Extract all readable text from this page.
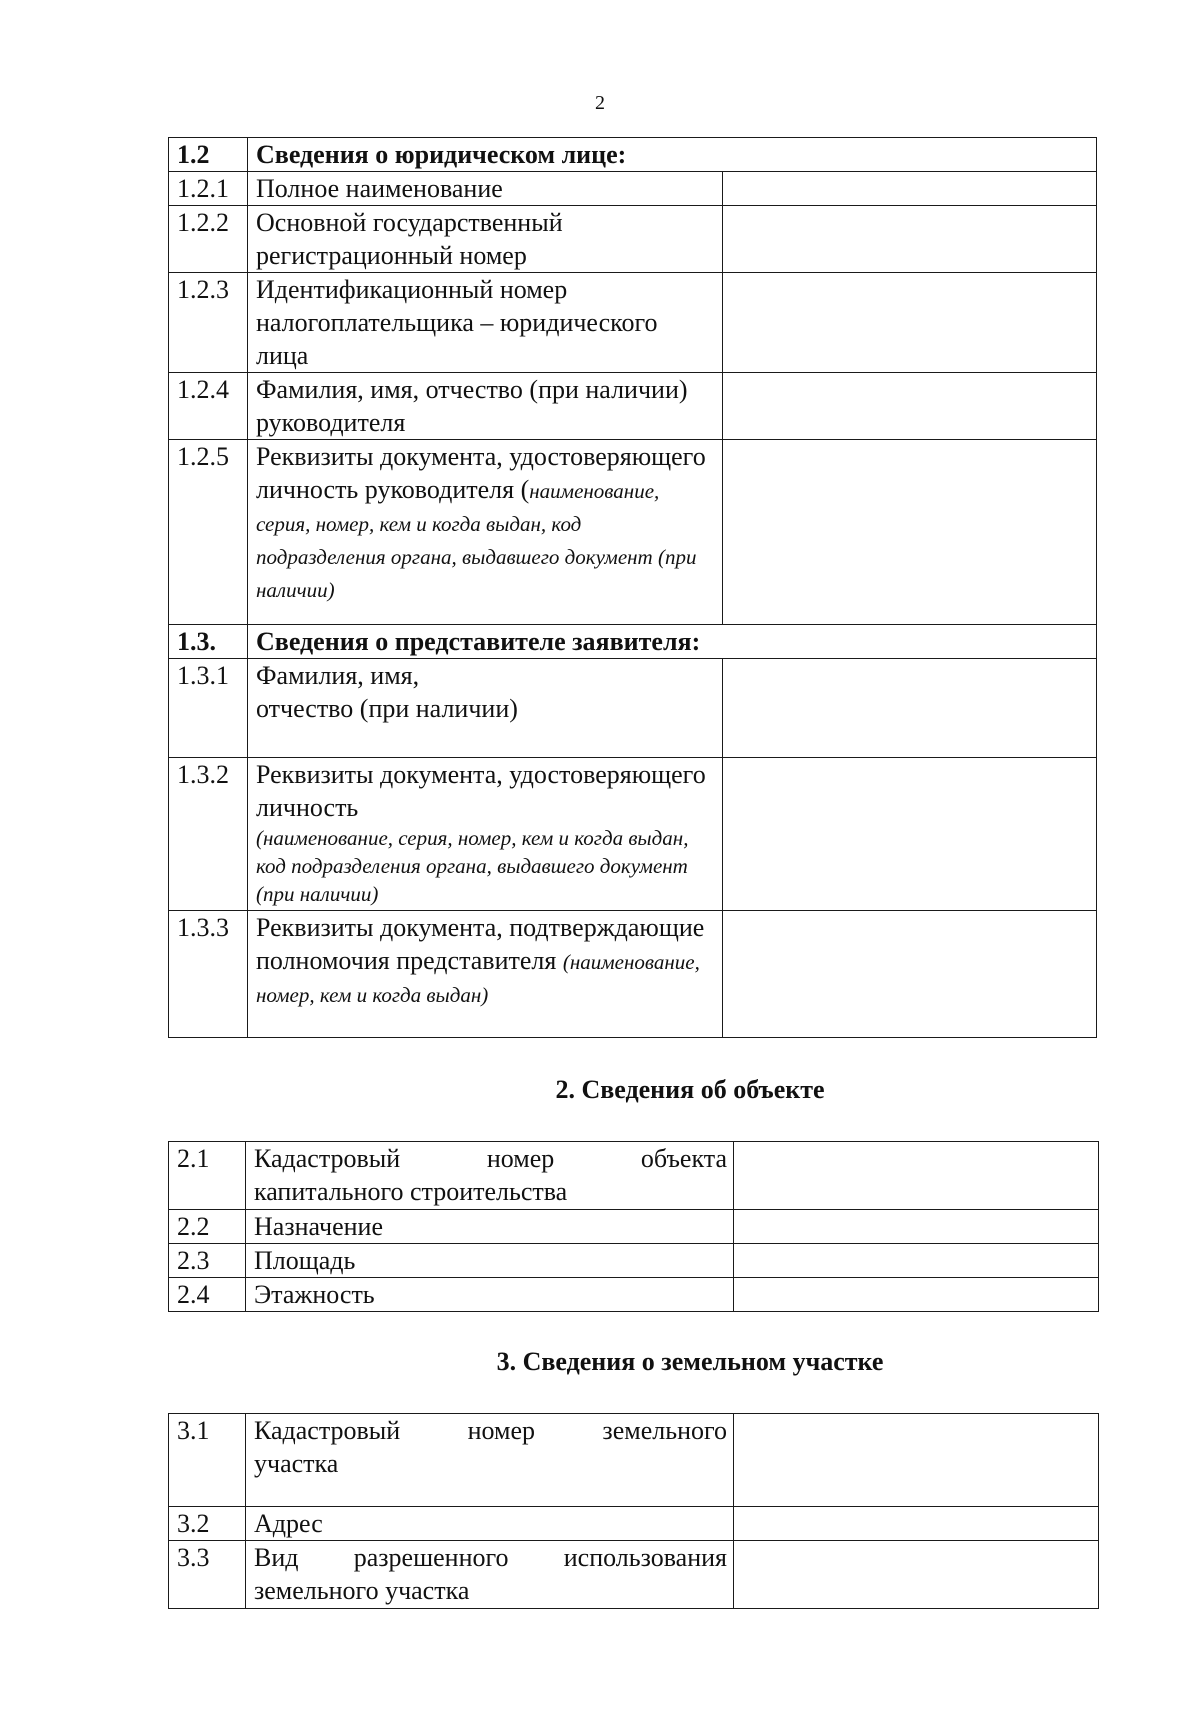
2
1.2	Сведения о юридическом лице:	
1.2.1	Полное наименование	
1.2.2	Основной государственный регистрационный номер	
1.2.3	Идентификационный номер налогоплательщика – юридического лица	
1.2.4	Фамилия, имя, отчество (при наличии) руководителя	
1.2.5	Реквизиты документа, удостоверяющего личность руководителя (наименование, серия, номер, кем и когда выдан, код подразделения органа, выдавшего документ (при наличии)	
1.3.	Сведения о представителе заявителя:	
1.3.1	Фамилия, имя,
отчество (при наличии)	

1.3.2	Реквизиты документа, удостоверяющего личность
(наименование, серия, номер, кем и когда выдан, код подразделения органа, выдавшего документ (при наличии)	

1.3.3	Реквизиты документа, подтверждающие полномочия представителя (наименование, номер, кем и когда выдан)	
2. Сведения об объекте
2.1	Кадастровый номер объекта
капитального строительства	

2.2	Назначение	
2.3	Площадь	
2.4	Этажность	
3. Сведения о земельном участке
3.1	Кадастровый номер земельного
участка	

3.2	Адрес	
3.3	Вид разрешенного использования
земельного участка	
